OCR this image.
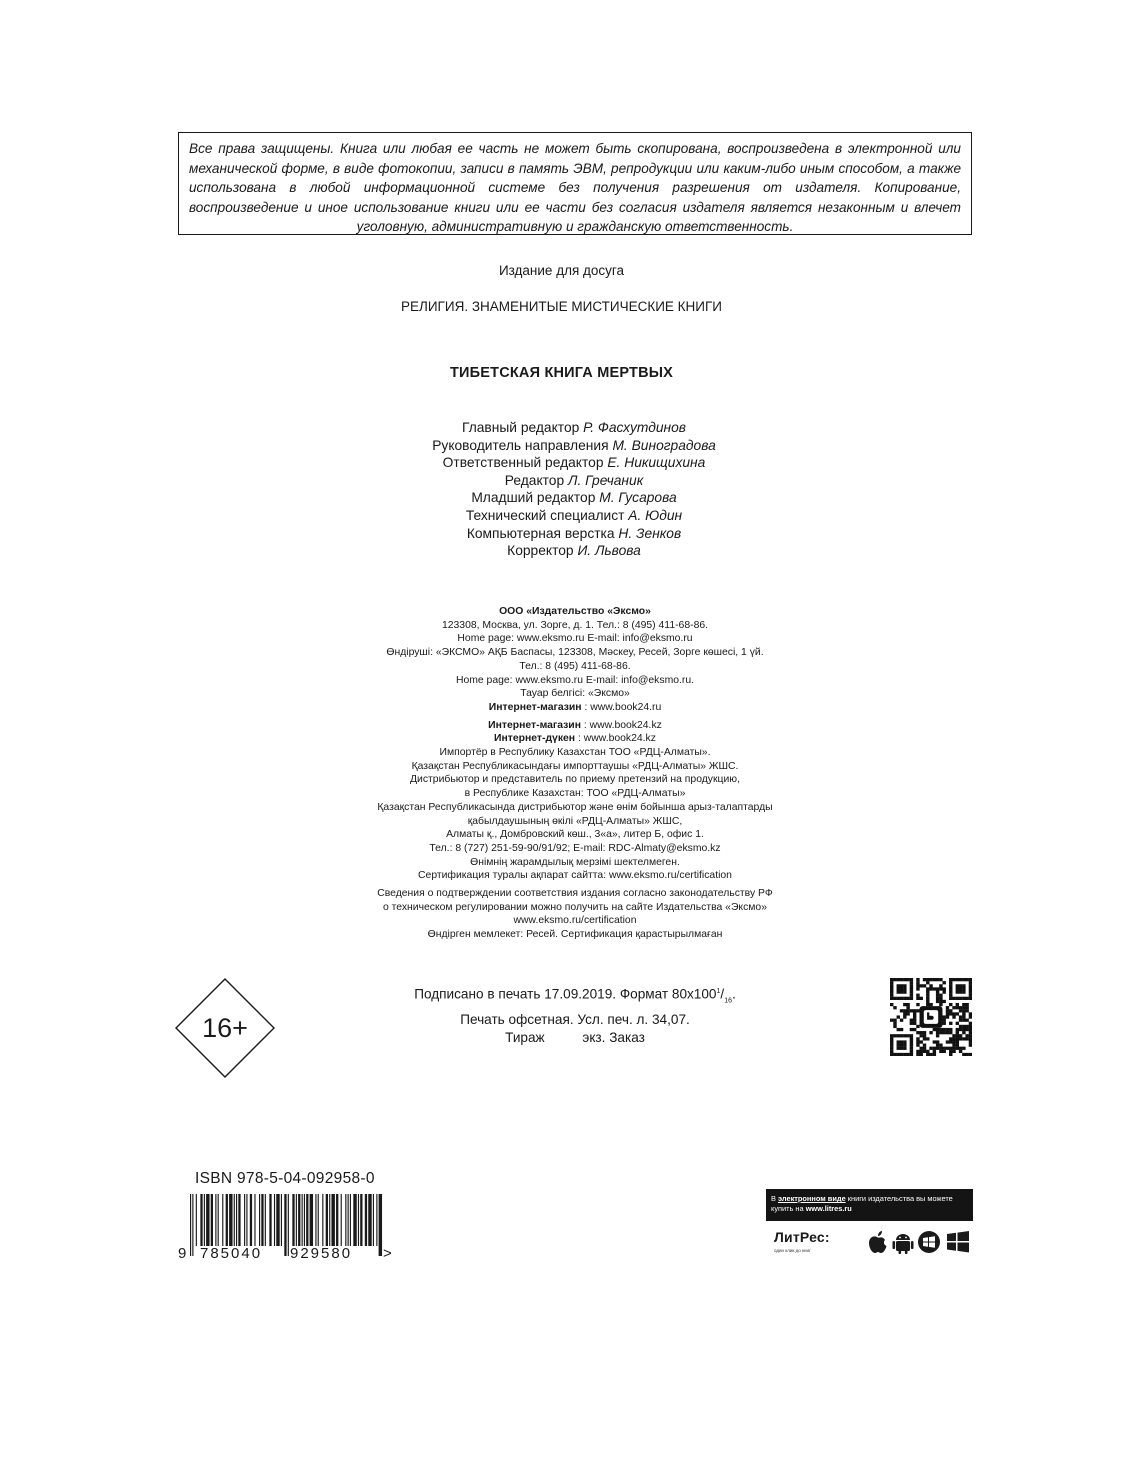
Все права защищены. Книга или любая ее часть не может быть скопирована, воспроизведена в электронной или механической форме, в виде фотокопии, записи в память ЭВМ, репродукции или каким-либо иным способом, а также использована в любой информационной системе без получения разрешения от издателя. Копирование, воспроизведение и иное использование книги или ее части без согласия издателя является незаконным и влечет уголовную, административную и гражданскую ответственность.
Издание для досуга
РЕЛИГИЯ. ЗНАМЕНИТЫЕ МИСТИЧЕСКИЕ КНИГИ
ТИБЕТСКАЯ КНИГА МЕРТВЫХ
Главный редактор Р. Фасхутдинов
Руководитель направления М. Виноградова
Ответственный редактор Е. Никищихина
Редактор Л. Гречаник
Младший редактор М. Гусарова
Технический специалист А. Юдин
Компьютерная верстка Н. Зенков
Корректор И. Львова
ООО «Издательство «Эксмо»
123308, Москва, ул. Зорге, д. 1. Тел.: 8 (495) 411-68-86.
Home page: www.eksmo.ru E-mail: info@eksmo.ru
Өндіруші: «ЭКСМО» АҚБ Баспасы, 123308, Мәскеу, Ресей, Зорге көшесі, 1 үй.
Тел.: 8 (495) 411-68-86.
Home page: www.eksmo.ru E-mail: info@eksmo.ru.
Тауар белгісі: «Эксмо»
Интернет-магазин : www.book24.ru
Интернет-магазин : www.book24.kz
Интернет-дүкен : www.book24.kz
Импортёр в Республику Казахстан ТОО «РДЦ-Алматы».
Қазақстан Республикасындағы импорттаушы «РДЦ-Алматы» ЖШС.
Дистрибьютор и представитель по приему претензий на продукцию,
в Республике Казахстан: ТОО «РДЦ-Алматы»
Қазақстан Республикасында дистрибьютор және өнім бойынша арыз-талаптарды
қабылдаушының өкілі «РДЦ-Алматы» ЖШС,
Алматы қ., Домбровский көш., 3«а», литер Б, офис 1.
Тел.: 8 (727) 251-59-90/91/92; E-mail: RDC-Almaty@eksmo.kz
Өнімнің жарамдылық мерзімі шектелмеген.
Сертификация туралы ақпарат сайтта: www.eksmo.ru/certification
Сведения о подтверждении соответствия издания согласно законодательству РФ
о техническом регулировании можно получить на сайте Издательства «Эксмо»
www.eksmo.ru/certification
Өндірген мемлекет: Ресей. Сертификация қарастырылмаған
16+
Подписано в печать 17.09.2019. Формат $80x100^1/_{16}$.
Печать офсетная. Усл. печ. л. 34,07.
Тираж          экз. Заказ
ISBN 978-5-04-092958-0
9 785040 929580 >
В электронном виде книги издательства вы можете
купить на www.litres.ru
ЛитРес:
один клик до книг
